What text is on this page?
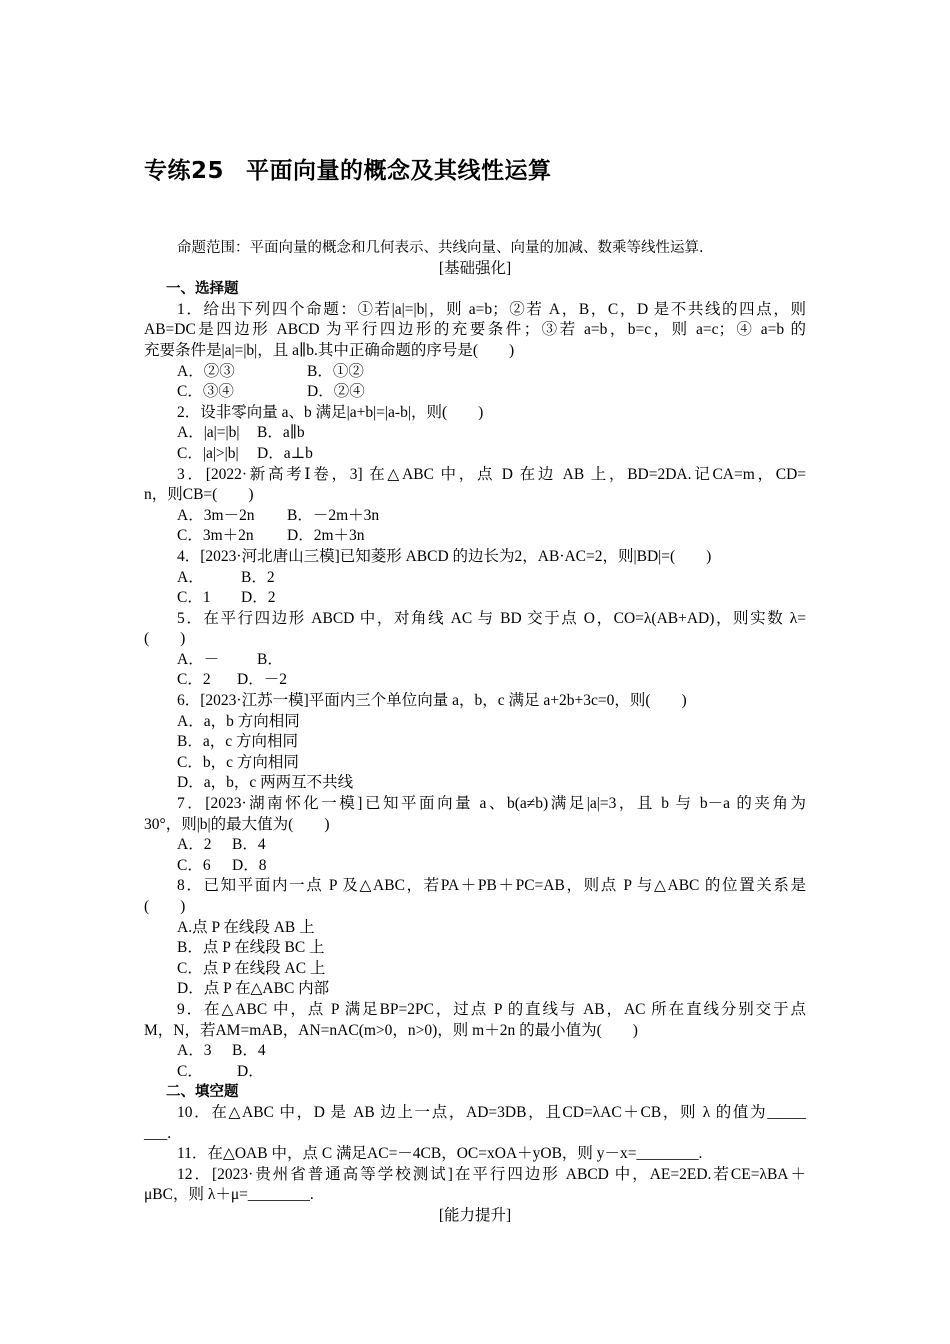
专练25 平面向量的概念及其线性运算
命题范围：平面向量的概念和几何表示、共线向量、向量的加减、数乘等线性运算.
[基础强化]
一、选择题
1．给出下列四个命题：①若|a|=|b|，则 a=b；②若 A，B，C，D 是不共线的四点，则
AB=DC是四边形 ABCD 为平行四边形的充要条件；③若 a=b，b=c，则 a=c；④ a=b 的
充要条件是|a|=|b|，且 a∥b.其中正确命题的序号是(　　)
A．②③	B．①②
C．③④	D．②④
2．设非零向量 a、b 满足|a+b|=|a-b|，则(　　)
A．|a|=|b| B．a∥b
C．|a|>|b| D．a⊥b
3．[2022·新高考Ⅰ卷，3] 在△ABC 中，点 D 在边 AB 上，BD=2DA.记CA=m，CD=
n，则CB=(　　)
A．3m－2n B．－2m＋3n
C．3m＋2n D．2m＋3n
4．[2023·河北唐山三模]已知菱形 ABCD 的边长为2，AB·AC=2，则|BD|=(　　)
A． B．2
C．1 D．2
5．在平行四边形 ABCD 中，对角线 AC 与 BD 交于点 O，CO=λ(AB+AD)，则实数 λ=
(　　)
A．－ B．
C．2 D．－2
6．[2023·江苏一模]平面内三个单位向量 a，b，c 满足 a+2b+3c=0，则(　　)
A．a，b 方向相同
B．a，c 方向相同
C．b，c 方向相同
D．a，b，c 两两互不共线
7．[2023·湖南怀化一模]已知平面向量 a、b(a≠b)满足|a|=3，且 b 与 b－a 的夹角为
30°，则|b|的最大值为(　　)
A．2 B．4
C．6 D．8
8．已知平面内一点 P 及△ABC，若PA＋PB＋PC=AB，则点 P 与△ABC 的位置关系是
(　　)
A.点 P 在线段 AB 上
B．点 P 在线段 BC 上
C．点 P 在线段 AC 上
D．点 P 在△ABC 内部
9．在△ABC 中，点 P 满足BP=2PC，过点 P 的直线与 AB，AC 所在直线分别交于点
M，N，若AM=mAB，AN=nAC(m>0，n>0)，则 m＋2n 的最小值为(　　)
A．3 B．4
C． D．
二、填空题
10．在△ABC 中，D 是 AB 边上一点，AD=3DB，且CD=λAC＋CB，则 λ 的值为_____
___.
11．在△OAB 中，点 C 满足AC=－4CB，OC=xOA＋yOB，则 y－x=________.
12．[2023·贵州省普通高等学校测试]在平行四边形 ABCD 中，AE=2ED.若CE=λBA＋
μBC，则 λ＋μ=________.
[能力提升]
